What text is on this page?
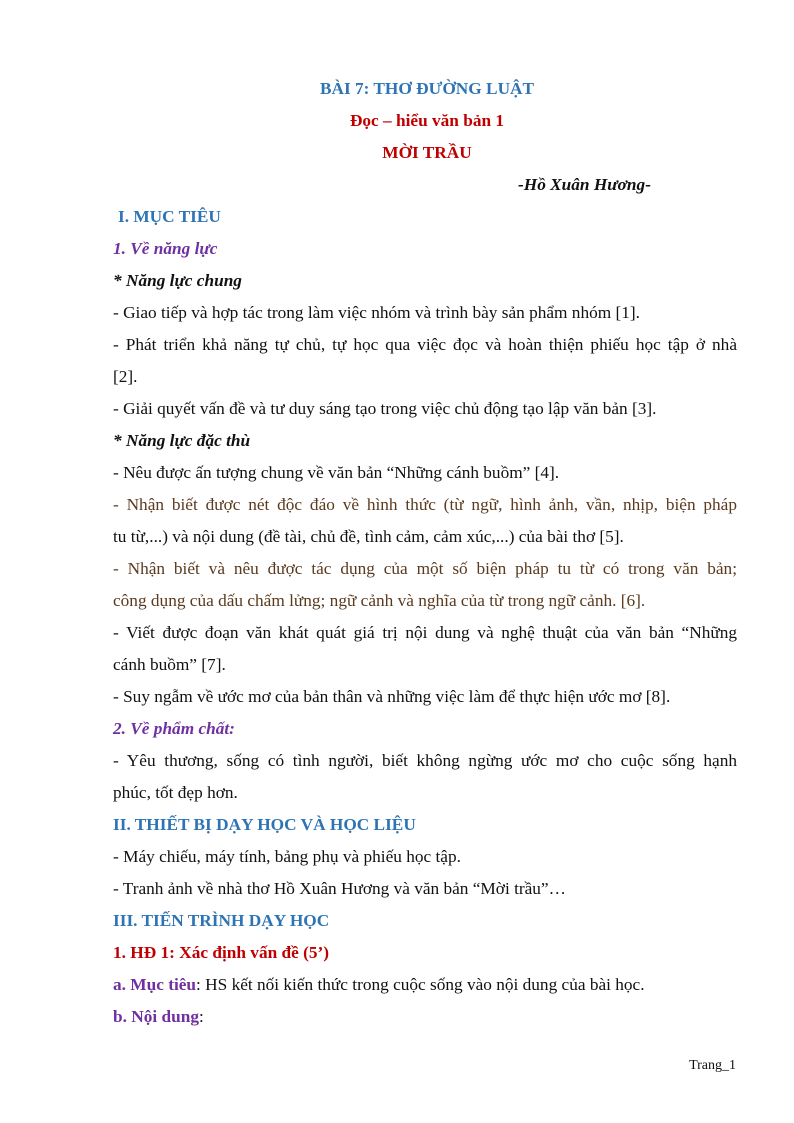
BÀI 7: THƠ ĐƯỜNG LUẬT
Đọc – hiểu văn bản 1
MỜI TRẦU
-Hồ Xuân Hương-
I. MỤC TIÊU
1. Về năng lực
* Năng lực chung
- Giao tiếp và hợp tác trong làm việc nhóm và trình bày sản phẩm nhóm [1].
- Phát triển khả năng tự chủ, tự học qua việc đọc và hoàn thiện phiếu học tập ở nhà
[2].
- Giải quyết vấn đề và tư duy sáng tạo trong việc chủ động tạo lập văn bản [3].
* Năng lực đặc thù
- Nêu được ấn tượng chung về văn bản “Những cánh buồm” [4].
- Nhận biết được nét độc đáo về hình thức (từ ngữ, hình ảnh, vần, nhịp, biện pháp
tu từ,...) và nội dung (đề tài, chủ đề, tình cảm, cảm xúc,...) của bài thơ [5].
- Nhận biết và nêu được tác dụng của một số biện pháp tu từ có trong văn bản;
công dụng của dấu chấm lửng; ngữ cảnh và nghĩa của từ trong ngữ cảnh. [6].
- Viết được đoạn văn khát quát giá trị nội dung và nghệ thuật của văn bản “Những
cánh buồm” [7].
- Suy ngẫm về ước mơ của bản thân và những việc làm để thực hiện ước mơ [8].
2. Về phẩm chất:
- Yêu thương, sống có tình người, biết không ngừng ước mơ cho cuộc sống hạnh
phúc, tốt đẹp hơn.
II. THIẾT BỊ DẠY HỌC VÀ HỌC LIỆU
- Máy chiếu, máy tính, bảng phụ và phiếu học tập.
- Tranh ảnh về nhà thơ Hồ Xuân Hương và văn bản “Mời trầu”…
III. TIẾN TRÌNH DẠY HỌC
1. HĐ 1: Xác định vấn đề (5’)
a. Mục tiêu: HS kết nối kiến thức trong cuộc sống vào nội dung của bài học.
b. Nội dung:
Trang_1
